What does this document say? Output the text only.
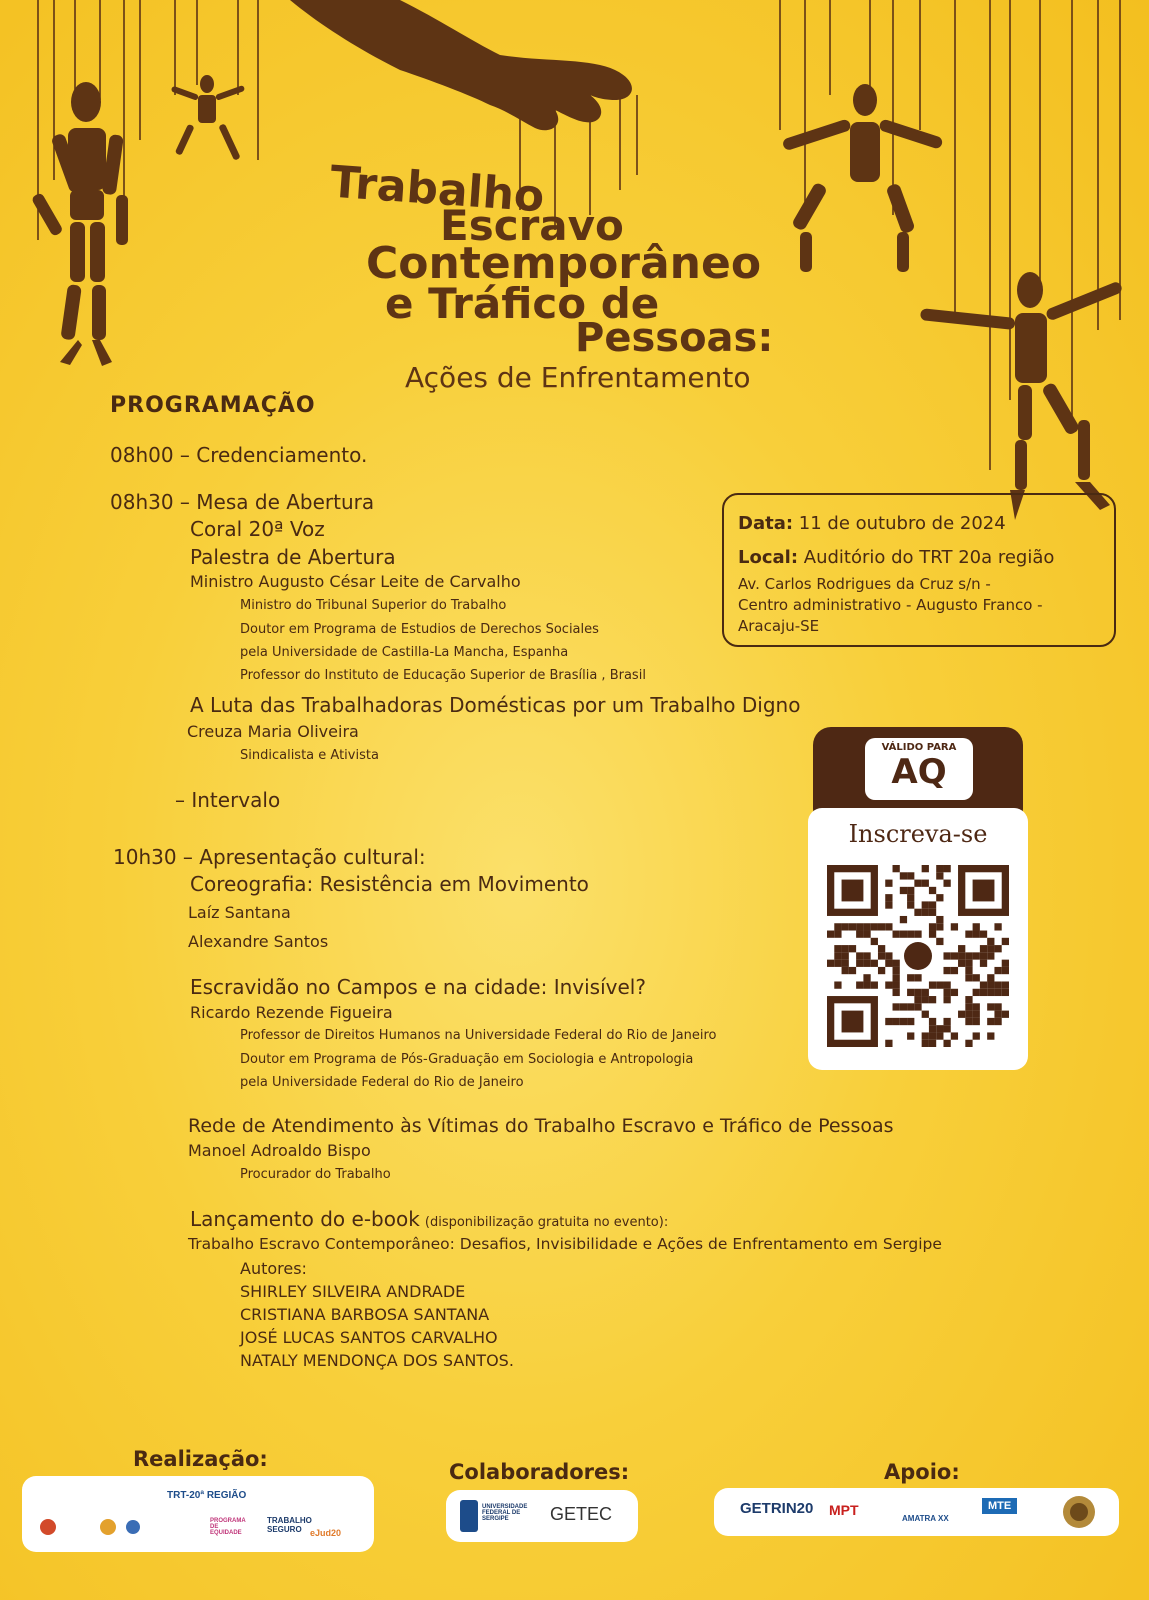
Trabalho
Escravo
Contemporâneo
e Tráfico de
Pessoas:
Ações de Enfrentamento
PROGRAMAÇÃO
08h00 – Credenciamento.
08h30 – Mesa de Abertura
Coral 20ª Voz
Palestra de Abertura
Ministro Augusto César Leite de Carvalho
Ministro do Tribunal Superior do Trabalho
Doutor em Programa de Estudios de Derechos Sociales
pela Universidade de Castilla-La Mancha, Espanha
Professor do Instituto de Educação Superior de Brasília , Brasil
A Luta das Trabalhadoras Domésticas por um Trabalho Digno
Creuza Maria Oliveira
Sindicalista e Ativista
– Intervalo
10h30 – Apresentação cultural:
Coreografia: Resistência em Movimento
Laíz Santana
Alexandre Santos
Escravidão no Campos e na cidade: Invisível?
Ricardo Rezende Figueira
Professor de Direitos Humanos na Universidade Federal do Rio de Janeiro
Doutor em Programa de Pós-Graduação em Sociologia e Antropologia
pela Universidade Federal do Rio de Janeiro
Rede de Atendimento às Vítimas do Trabalho Escravo e Tráfico de Pessoas
Manoel Adroaldo Bispo
Procurador do Trabalho
Lançamento do e-book (disponibilização gratuita no evento):
Trabalho Escravo Contemporâneo: Desafios, Invisibilidade e Ações de Enfrentamento em Sergipe
Autores:
SHIRLEY SILVEIRA ANDRADE
CRISTIANA BARBOSA SANTANA
JOSÉ LUCAS SANTOS CARVALHO
NATALY MENDONÇA DOS SANTOS.
Data: 11 de outubro de 2024
Local: Auditório do TRT 20a região
Av. Carlos Rodrigues da Cruz s/n -
Centro administrativo - Augusto Franco -
Aracaju-SE
VÁLIDO PARA
AQ
Inscreva-se
Realização:
Colaboradores:	Apoio:
TRT-20ª REGIÃO
PROGRAMA DE EQUIDADE
TRABALHO SEGURO eJud20
UNIVERSIDADE FEDERAL DE SERGIPE	GETEC	GETRIN20 MPT
AMATRA XX
MTE
